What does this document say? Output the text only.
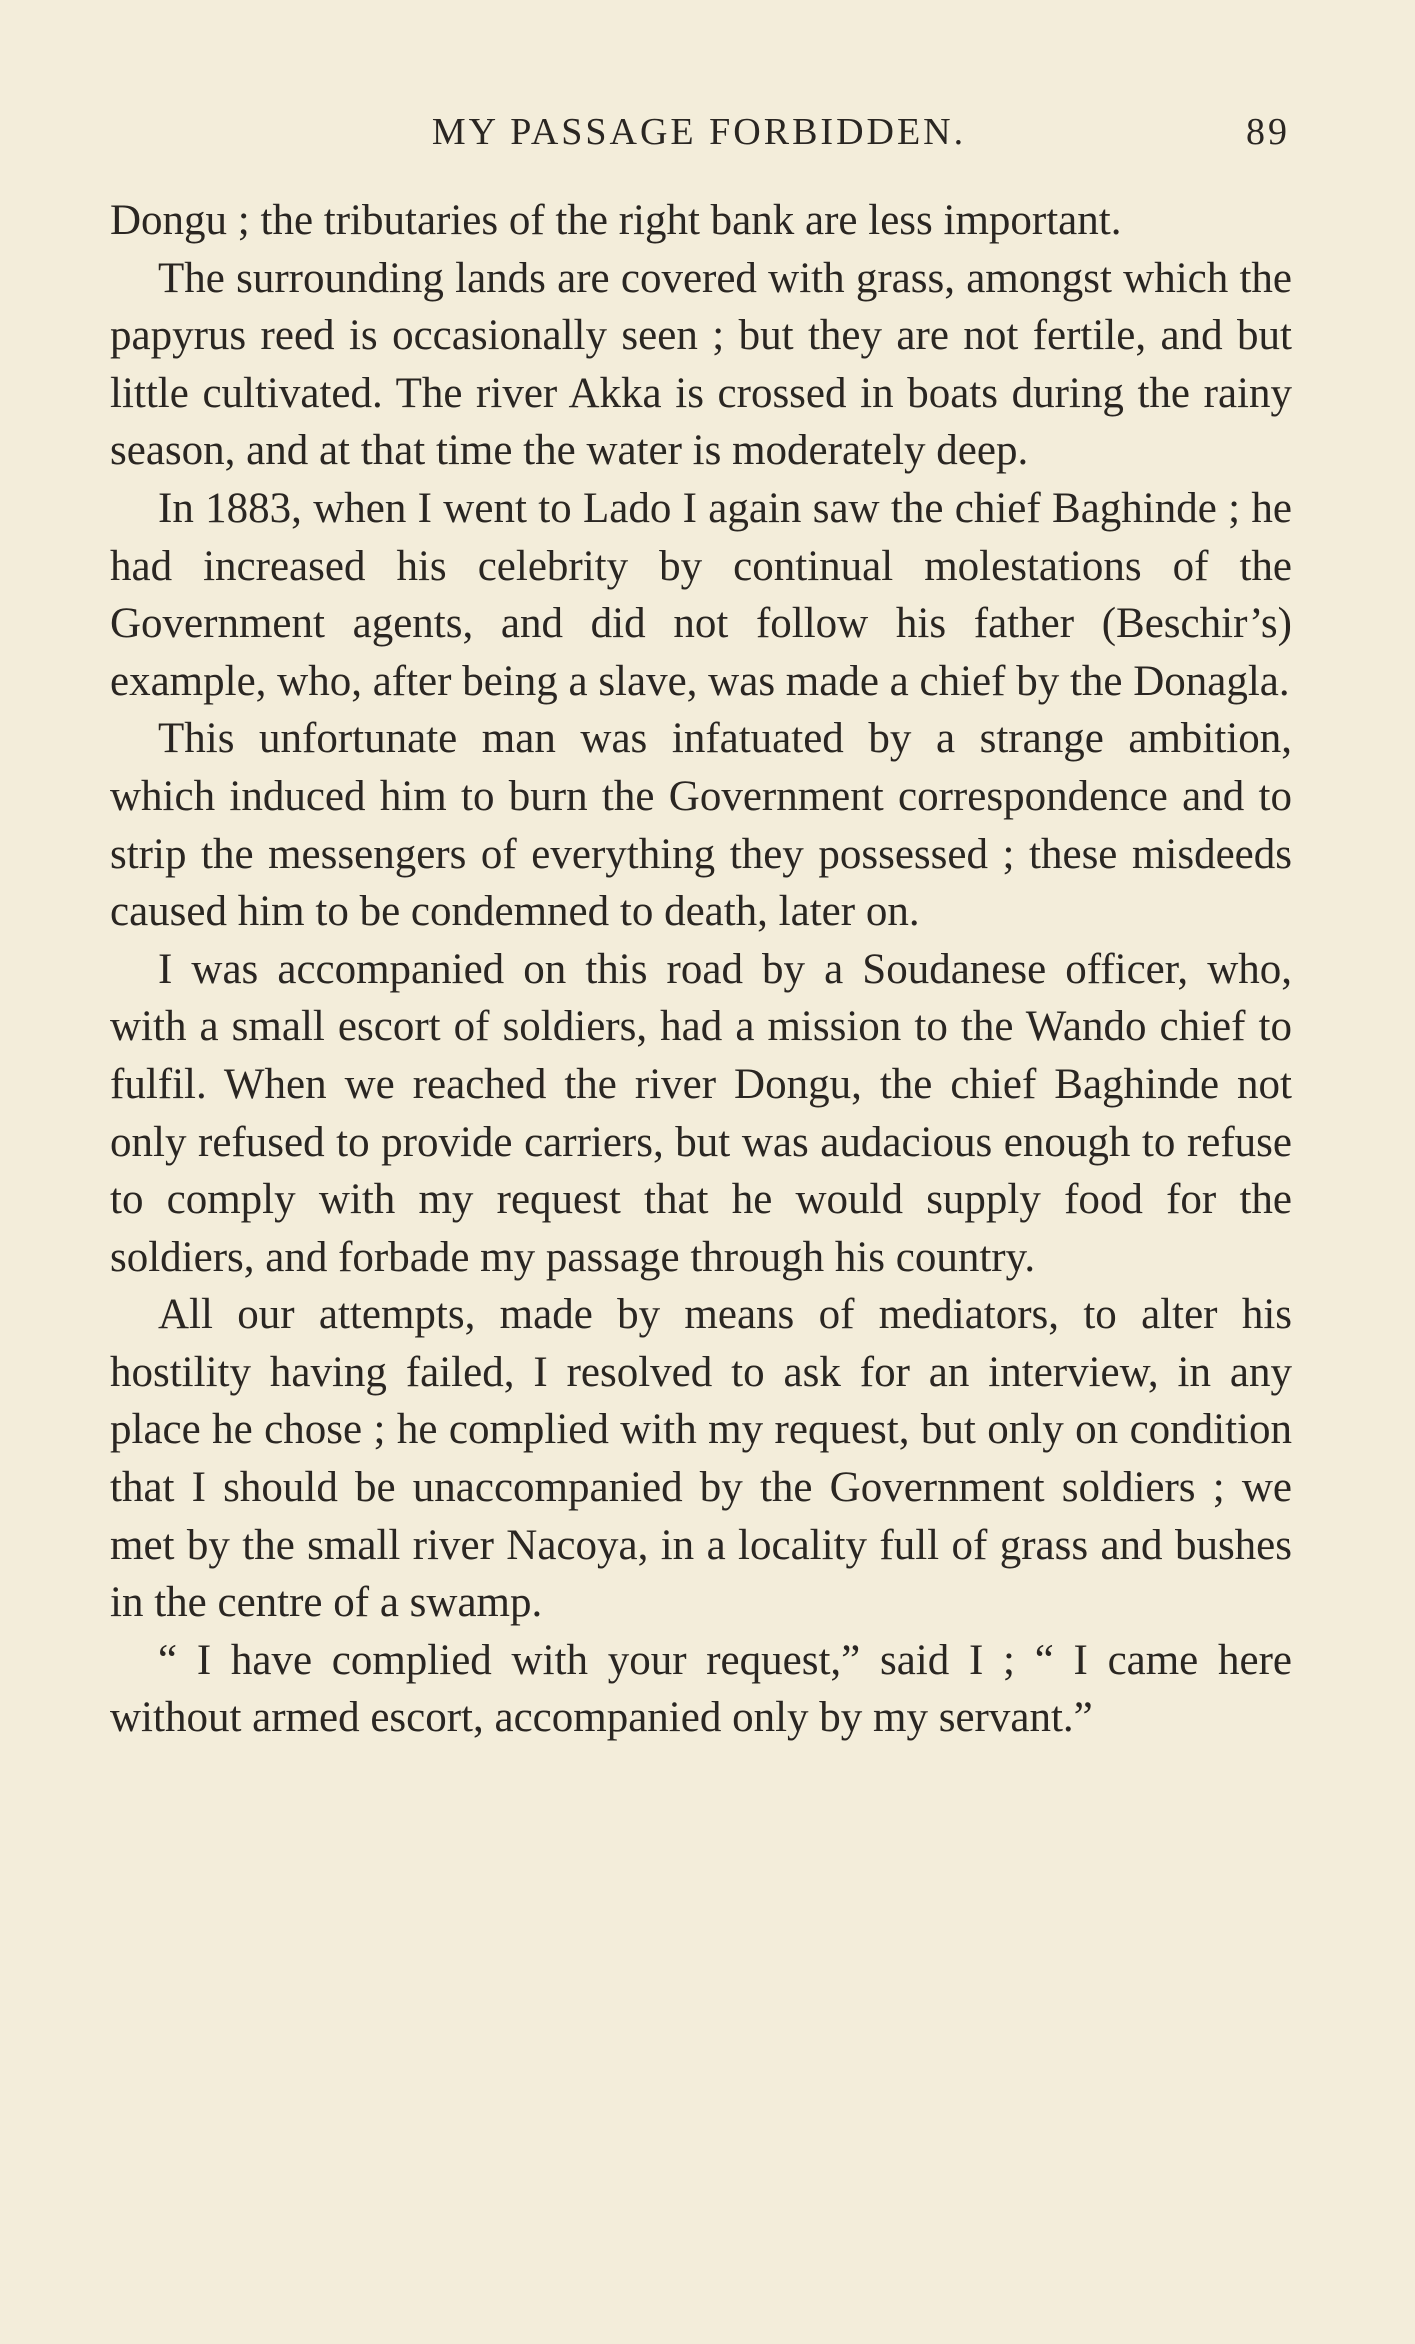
MY PASSAGE FORBIDDEN.	89

Dongu ; the tributaries of the right bank are less important.

The surrounding lands are covered with grass, amongst which the papyrus reed is occasionally seen ; but they are not fertile, and but little cultivated. The river Akka is crossed in boats during the rainy season, and at that time the water is moderately deep.

In 1883, when I went to Lado I again saw the chief Baghinde ; he had increased his celebrity by continual molestations of the Government agents, and did not follow his father (Beschir’s) example, who, after being a slave, was made a chief by the Donagla.

This unfortunate man was infatuated by a strange ambition, which induced him to burn the Government correspondence and to strip the messengers of everything they possessed ; these misdeeds caused him to be condemned to death, later on.

I was accompanied on this road by a Soudanese officer, who, with a small escort of soldiers, had a mission to the Wando chief to fulfil. When we reached the river Dongu, the chief Baghinde not only refused to provide carriers, but was audacious enough to refuse to comply with my request that he would supply food for the soldiers, and forbade my passage through his country.

All our attempts, made by means of mediators, to alter his hostility having failed, I resolved to ask for an interview, in any place he chose ; he complied with my request, but only on condition that I should be unaccompanied by the Government soldiers ; we met by the small river Nacoya, in a locality full of grass and bushes in the centre of a swamp.

“ I have complied with your request,” said I ; “ I came here without armed escort, accompanied only by my servant.”
